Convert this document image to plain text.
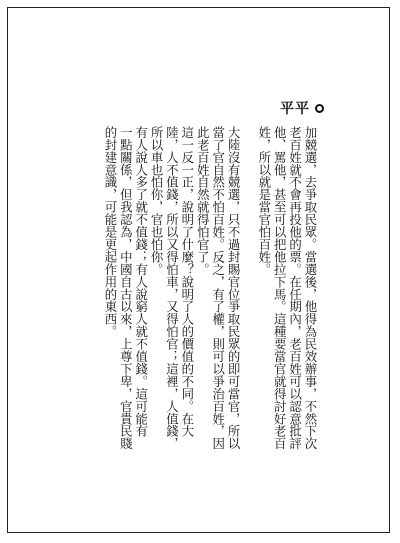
平平
加競選，去爭取民眾。當選後，他得為民效辦事，不然下次
老百姓就不會再投他的票。在任期內，老百姓可以認意批評
他、罵他，甚至可以把他拉下馬。這種要當官就得討好老百
姓，所以就是當官怕百姓。
大陸沒有競選，只不過封賜官位爭取民眾的即可當官，所以
當了官自然不怕百姓。反之，有了權，則可以爭治百姓，因
此老百姓自然就得怕官了。
這一反一正，說明了什麼？說明了人的價值的不同。在大
陸，人不值錢，所以又得怕車，又得怕官；這裡，人值錢，
所以車也怕你，官也怕你。
有人說人多了就不值錢；有人說窮人就不值錢。這可能有
一點關係，但我認為，中國自古以來，上尊下卑，官貴民賤
的封建意識，可能是更起作用的東西。
